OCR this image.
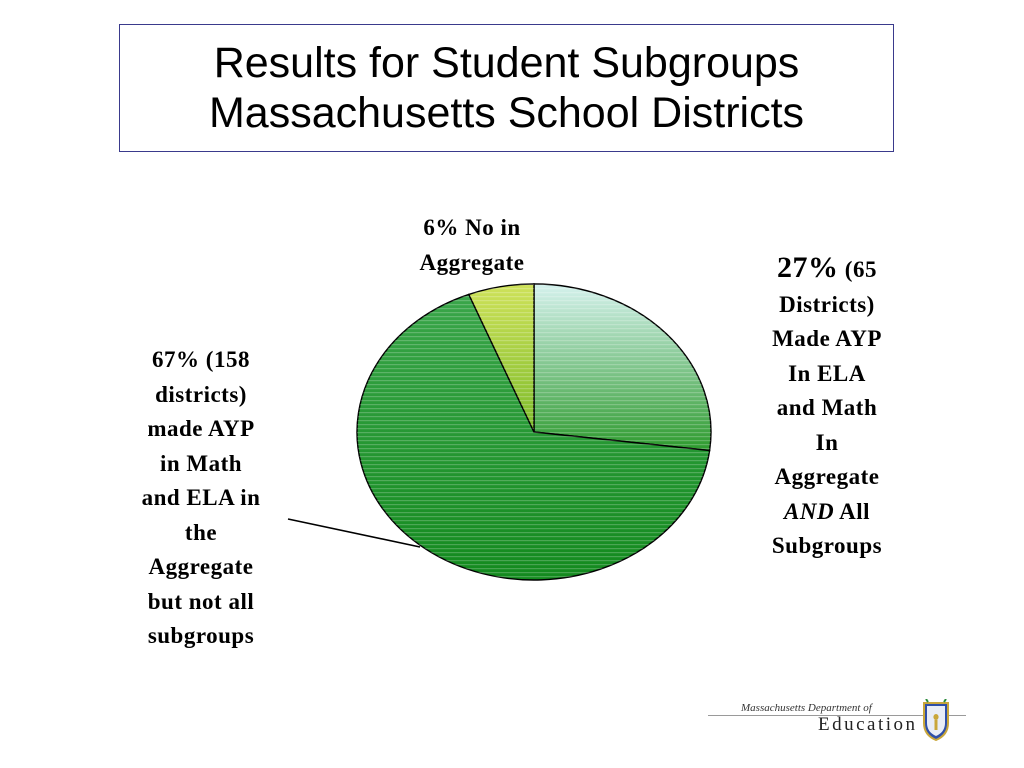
Results for Student Subgroups
Massachusetts School Districts
27% (65
Districts)
Made AYP
In ELA
and Math
In
Aggregate
AND All
Subgroups
67% (158
districts)
made AYP
in Math
and ELA in
the
Aggregate
but not all
subgroups
6% No in
Aggregate
Massachusetts Department of
Education
